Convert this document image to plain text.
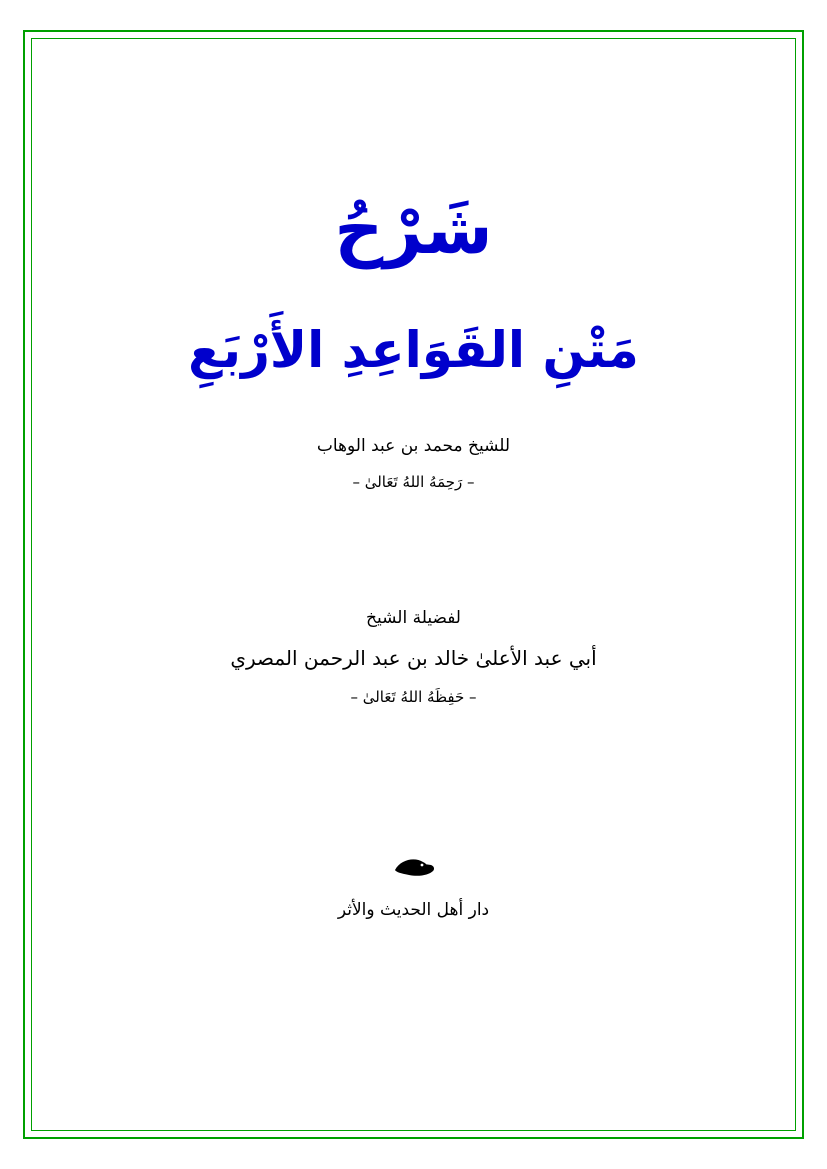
شَرْحُ
مَتْنِ القَوَاعِدِ الأَرْبَعِ
للشيخ محمد بن عبد الوهاب
– رَحِمَهُ اللهُ تَعَالىٰ –
لفضيلة الشيخ
أبي عبد الأعلىٰ خالد بن عبد الرحمن المصري
– حَفِظَهُ اللهُ تَعَالىٰ –
دار أهل الحديث والأثر
